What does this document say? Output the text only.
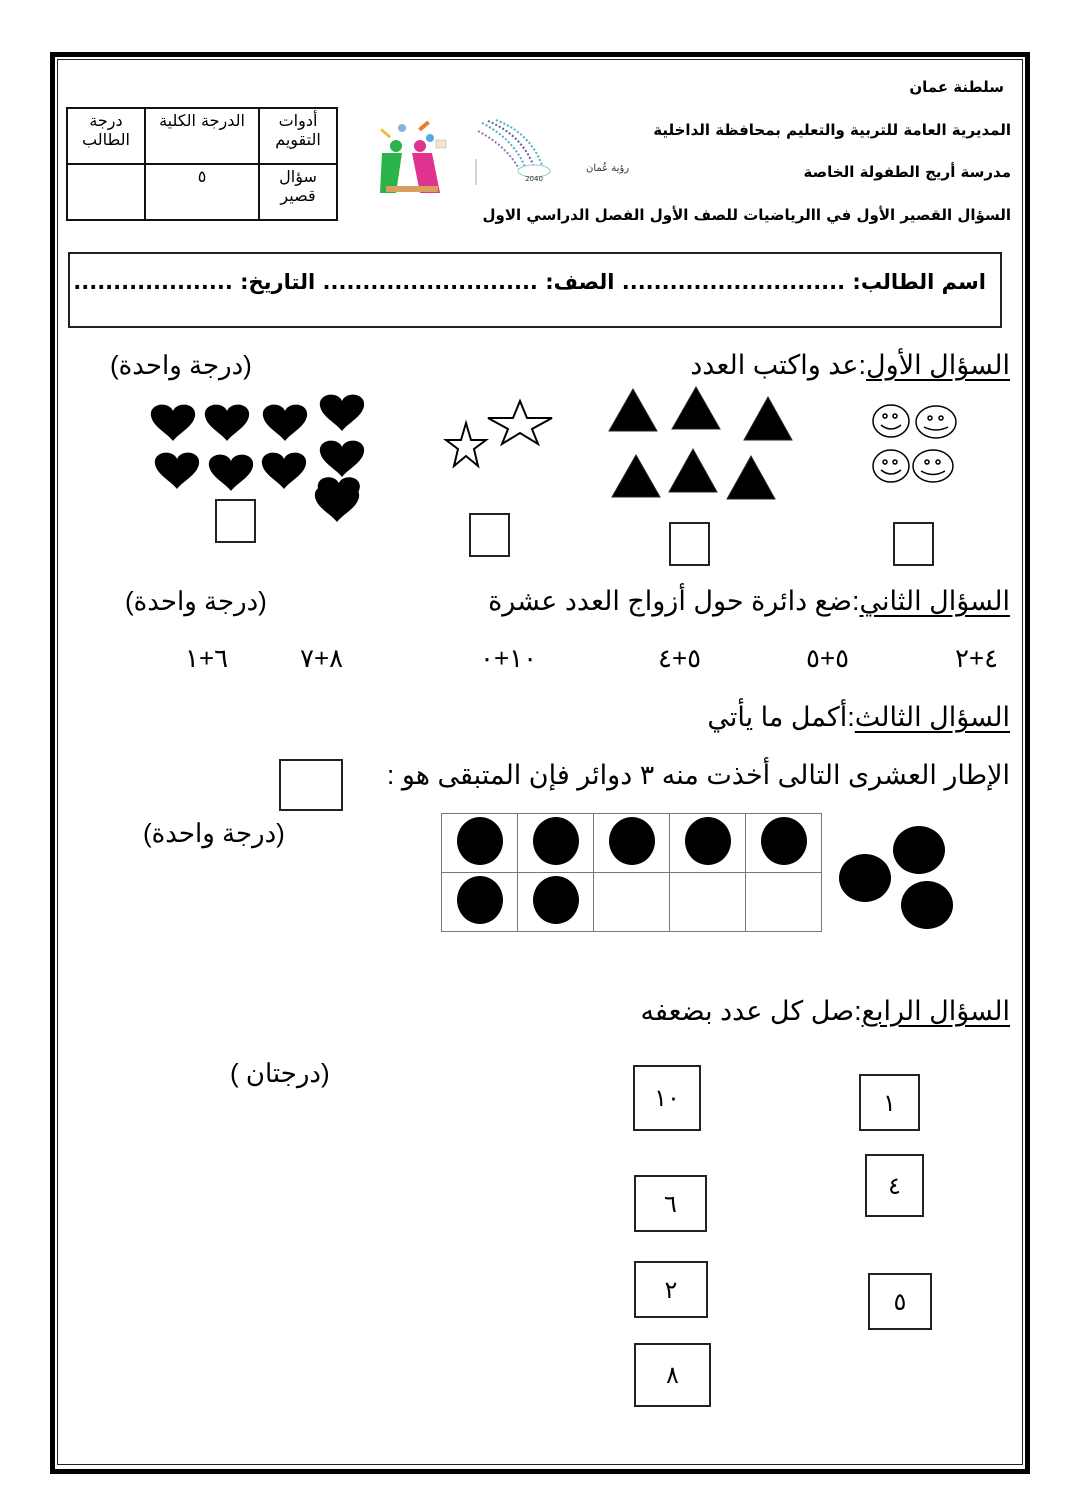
سلطنة عمان
المديرية العامة للتربية والتعليم بمحافظة الداخلية
مدرسة أريج الطفولة الخاصة
السؤال القصير الأول في االرياضيات للصف الأول الفصل الدراسي الاول
رؤية عُمان
2040
درجة الطالب	الدرجة الكلية	أدوات التقويم
	٥	سؤال قصير
اسم الطالب: ............................ الصف: ........................... التاريخ: ....................
السؤال الأول:عد واكتب العدد
(درجة واحدة)
السؤال الثاني:ضع دائرة حول أزواج العدد عشرة
(درجة واحدة)
٤+٢
٥+٥
٥+٤
١٠+٠
٨+٧
٦+١
السؤال الثالث:أكمل ما يأتي
الإطار العشرى التالى أخذت منه ٣ دوائر فإن المتبقى هو :
(درجة واحدة)

السؤال الرابع:صل كل عدد بضعفه
(درجتان )
١
٤
٥
١٠
٦
٢
٨
